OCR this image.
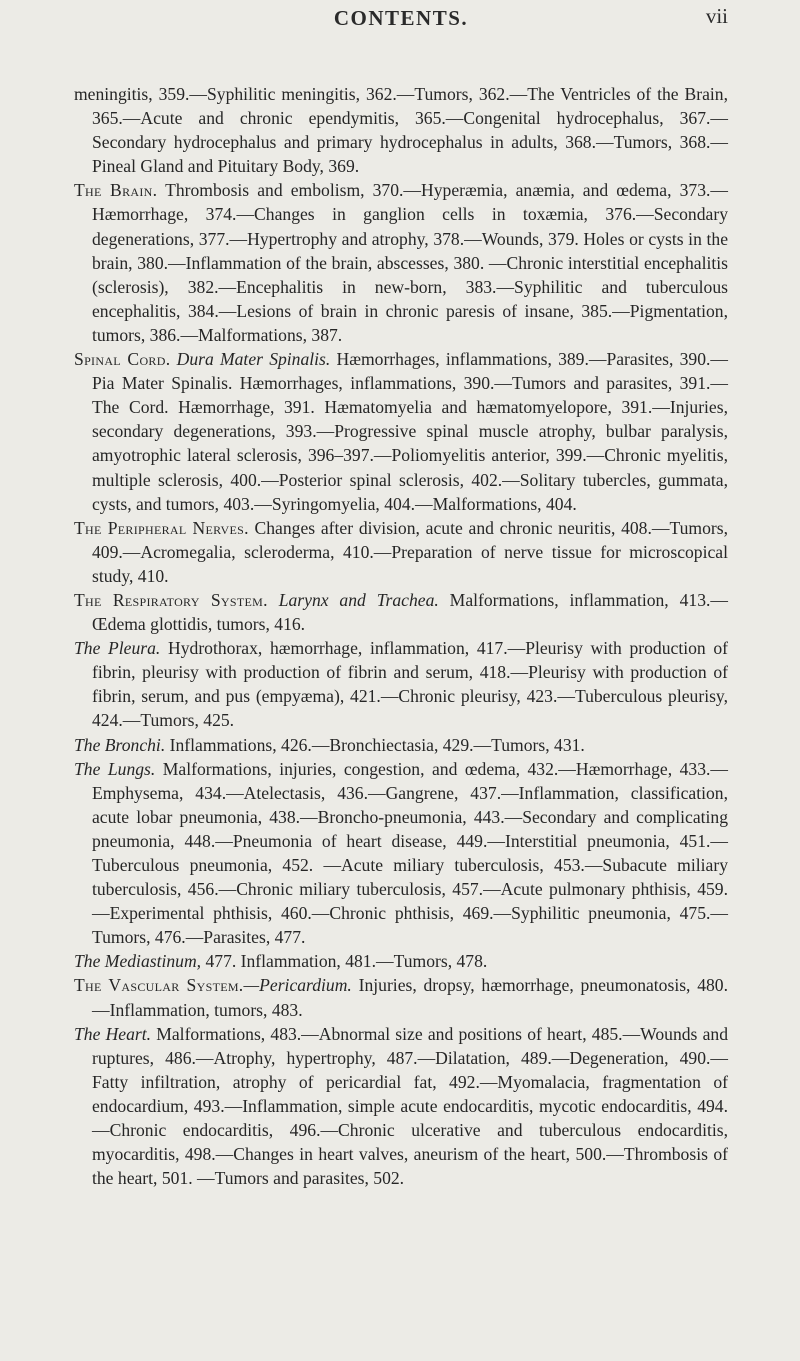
CONTENTS.	vii

meningitis, 359.—Syphilitic meningitis, 362.—Tumors, 362.—The Ventricles of the Brain, 365.—Acute and chronic ependymitis, 365.—Congenital hydrocephalus, 367.—Secondary hydrocephalus and primary hydrocephalus in adults, 368.—Tumors, 368.—Pineal Gland and Pituitary Body, 369.

The Brain. Thrombosis and embolism, 370.—Hyperæmia, anæmia, and œdema, 373.—Hæmorrhage, 374.—Changes in ganglion cells in toxæmia, 376.—Secondary degenerations, 377.—Hypertrophy and atrophy, 378.—Wounds, 379. Holes or cysts in the brain, 380.—Inflammation of the brain, abscesses, 380. —Chronic interstitial encephalitis (sclerosis), 382.—Encephalitis in new-born, 383.—Syphilitic and tuberculous encephalitis, 384.—Lesions of brain in chronic paresis of insane, 385.—Pigmentation, tumors, 386.—Malformations, 387.

Spinal Cord. Dura Mater Spinalis. Hæmorrhages, inflammations, 389.—Parasites, 390.—Pia Mater Spinalis. Hæmorrhages, inflammations, 390.—Tumors and parasites, 391.—The Cord. Hæmorrhage, 391. Hæmatomyelia and hæmatomyelopore, 391.—Injuries, secondary degenerations, 393.—Progressive spinal muscle atrophy, bulbar paralysis, amyotrophic lateral sclerosis, 396–397.—Poliomyelitis anterior, 399.—Chronic myelitis, multiple sclerosis, 400.—Posterior spinal sclerosis, 402.—Solitary tubercles, gummata, cysts, and tumors, 403.—Syringomyelia, 404.—Malformations, 404.

The Peripheral Nerves. Changes after division, acute and chronic neuritis, 408.—Tumors, 409.—Acromegalia, scleroderma, 410.—Preparation of nerve tissue for microscopical study, 410.

The Respiratory System. Larynx and Trachea. Malformations, inflammation, 413.—Œdema glottidis, tumors, 416.

The Pleura. Hydrothorax, hæmorrhage, inflammation, 417.—Pleurisy with production of fibrin, pleurisy with production of fibrin and serum, 418.—Pleurisy with production of fibrin, serum, and pus (empyæma), 421.—Chronic pleurisy, 423.—Tuberculous pleurisy, 424.—Tumors, 425.

The Bronchi. Inflammations, 426.—Bronchiectasia, 429.—Tumors, 431.

The Lungs. Malformations, injuries, congestion, and œdema, 432.—Hæmorrhage, 433.—Emphysema, 434.—Atelectasis, 436.—Gangrene, 437.—Inflammation, classification, acute lobar pneumonia, 438.—Broncho-pneumonia, 443.—Secondary and complicating pneumonia, 448.—Pneumonia of heart disease, 449.—Interstitial pneumonia, 451.—Tuberculous pneumonia, 452. —Acute miliary tuberculosis, 453.—Subacute miliary tuberculosis, 456.—Chronic miliary tuberculosis, 457.—Acute pulmonary phthisis, 459.—Experimental phthisis, 460.—Chronic phthisis, 469.—Syphilitic pneumonia, 475.—Tumors, 476.—Parasites, 477.

The Mediastinum, 477. Inflammation, 481.—Tumors, 478.

The Vascular System.—Pericardium. Injuries, dropsy, hæmorrhage, pneumonatosis, 480.—Inflammation, tumors, 483.

The Heart. Malformations, 483.—Abnormal size and positions of heart, 485.—Wounds and ruptures, 486.—Atrophy, hypertrophy, 487.—Dilatation, 489.—Degeneration, 490.—Fatty infiltration, atrophy of pericardial fat, 492.—Myomalacia, fragmentation of endocardium, 493.—Inflammation, simple acute endocarditis, mycotic endocarditis, 494.—Chronic endocarditis, 496.—Chronic ulcerative and tuberculous endocarditis, myocarditis, 498.—Changes in heart valves, aneurism of the heart, 500.—Thrombosis of the heart, 501. —Tumors and parasites, 502.
